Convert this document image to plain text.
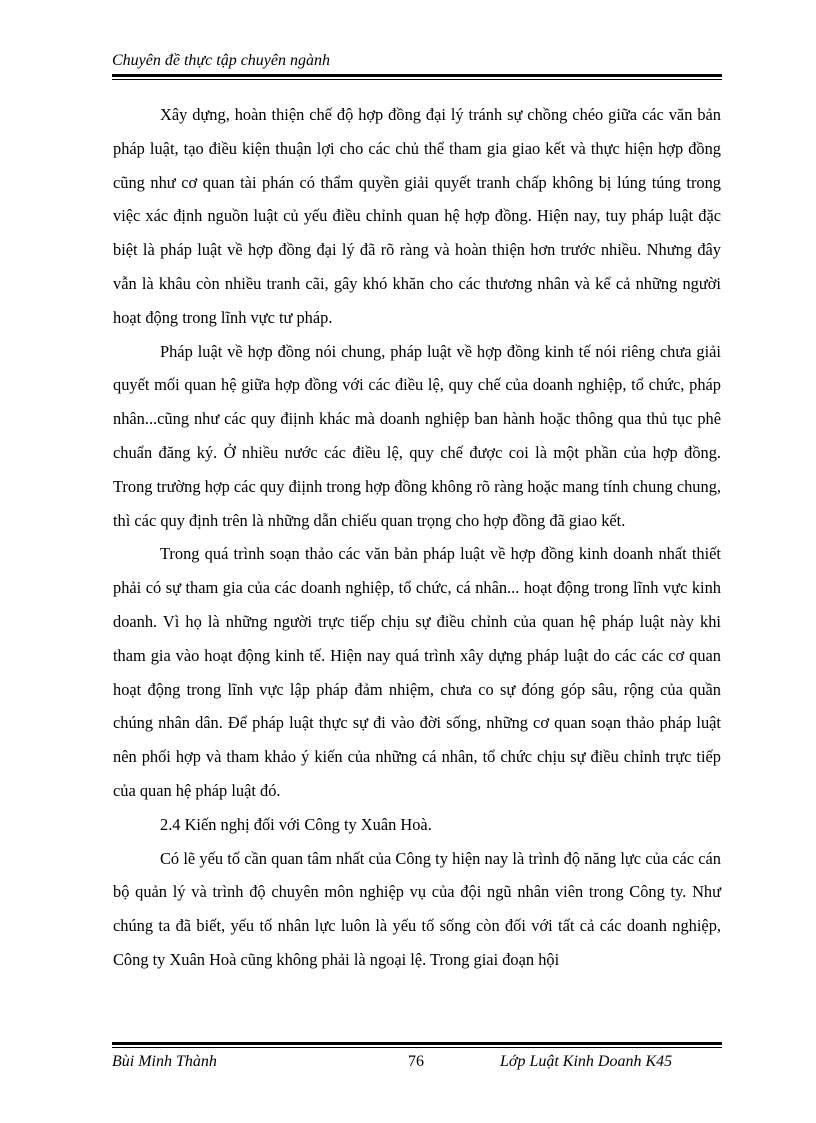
Chuyên đề thực tập chuyên ngành

Xây dựng, hoàn thiện chế độ hợp đồng đại lý tránh sự chồng chéo giữa các văn bản pháp luật, tạo điều kiện thuận lợi cho các chủ thể tham gia giao kết và thực hiện hợp đồng cũng như cơ quan tài phán có thẩm quyền giải quyết tranh chấp không bị lúng túng trong việc xác định nguồn luật củ yếu điều chỉnh quan hệ hợp đồng. Hiện nay, tuy pháp luật đặc biệt là pháp luật về hợp đồng đại lý đã rõ ràng và hoàn thiện hơn trước nhiều. Nhưng đây vẫn là khâu còn nhiều tranh cãi, gây khó khăn cho các thương nhân và kể cả những người hoạt động trong lĩnh vực tư pháp.

Pháp luật về hợp đồng nói chung, pháp luật về hợp đồng kinh tế nói riêng chưa giải quyết mối quan hệ giữa hợp đồng với các điều lệ, quy chế của doanh nghiệp, tổ chức, pháp nhân...cũng như các quy điịnh khác mà doanh nghiệp ban hành hoặc thông qua thủ tục phê chuẩn đăng ký. Ở nhiều nước các điều lệ, quy chế được coi là một phần của hợp đồng. Trong trường hợp các quy điịnh trong hợp đồng không rõ ràng hoặc mang tính chung chung, thì các quy định trên là những dẫn chiếu quan trọng cho hợp đồng đã giao kết.

Trong quá trình soạn thảo các văn bản pháp luật về hợp đồng kinh doanh nhất thiết phải có sự tham gia của các doanh nghiệp, tổ chức, cá nhân... hoạt động trong lĩnh vực kinh doanh. Vì họ là những người trực tiếp chịu sự điều chỉnh của quan hệ pháp luật này khi tham gia vào hoạt động kinh tế. Hiện nay quá trình xây dựng pháp luật do các các cơ quan hoạt động trong lĩnh vực lập pháp đảm nhiệm, chưa co sự đóng góp sâu, rộng của quần chúng nhân dân. Để pháp luật thực sự đi vào đời sống, những cơ quan soạn thảo pháp luật nên phối hợp và tham khảo ý kiến của những cá nhân, tổ chức chịu sự điều chỉnh trực tiếp của quan hệ pháp luật đó.

2.4 Kiến nghị đối với Công ty Xuân Hoà.

Có lẽ yếu tố cần quan tâm nhất của Công ty hiện nay là trình độ năng lực của các cán bộ quản lý và trình độ chuyên môn nghiệp vụ của đội ngũ nhân viên trong Công ty. Như chúng ta đã biết, yếu tố nhân lực luôn là yếu tố sống còn đối với tất cả các doanh nghiệp, Công ty Xuân Hoà cũng không phải là ngoại lệ. Trong giai đoạn hội

Bùi Minh Thành	76	Lớp Luật Kinh Doanh K45
